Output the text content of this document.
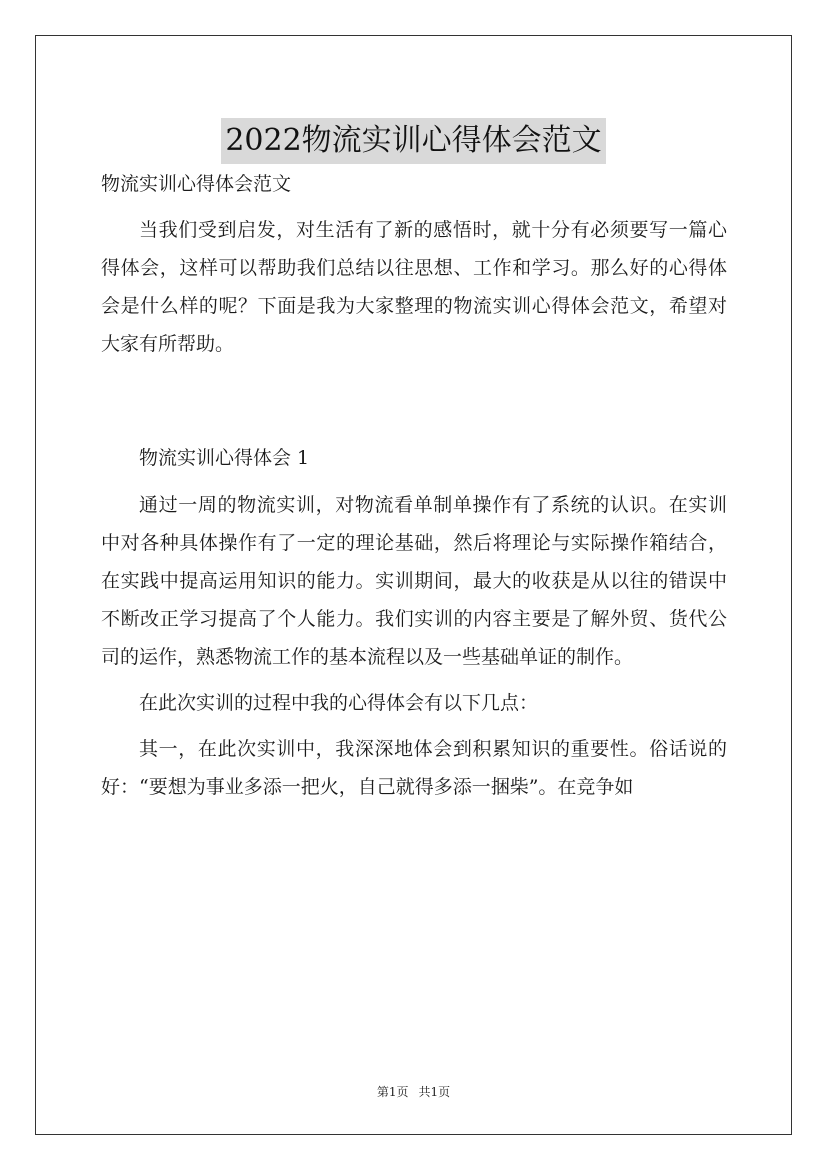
2022物流实训心得体会范文

物流实训心得体会范文

当我们受到启发，对生活有了新的感悟时，就十分有必须要写一篇心得体会，这样可以帮助我们总结以往思想、工作和学习。那么好的心得体会是什么样的呢？下面是我为大家整理的物流实训心得体会范文，希望对大家有所帮助。

物流实训心得体会 1

通过一周的物流实训，对物流看单制单操作有了系统的认识。在实训中对各种具体操作有了一定的理论基础，然后将理论与实际操作箱结合，在实践中提高运用知识的能力。实训期间，最大的收获是从以往的错误中不断改正学习提高了个人能力。我们实训的内容主要是了解外贸、货代公司的运作，熟悉物流工作的基本流程以及一些基础单证的制作。

在此次实训的过程中我的心得体会有以下几点：

其一，在此次实训中，我深深地体会到积累知识的重要性。俗话说的好：“要想为事业多添一把火，自己就得多添一捆柴”。在竞争如

第1页 共1页
